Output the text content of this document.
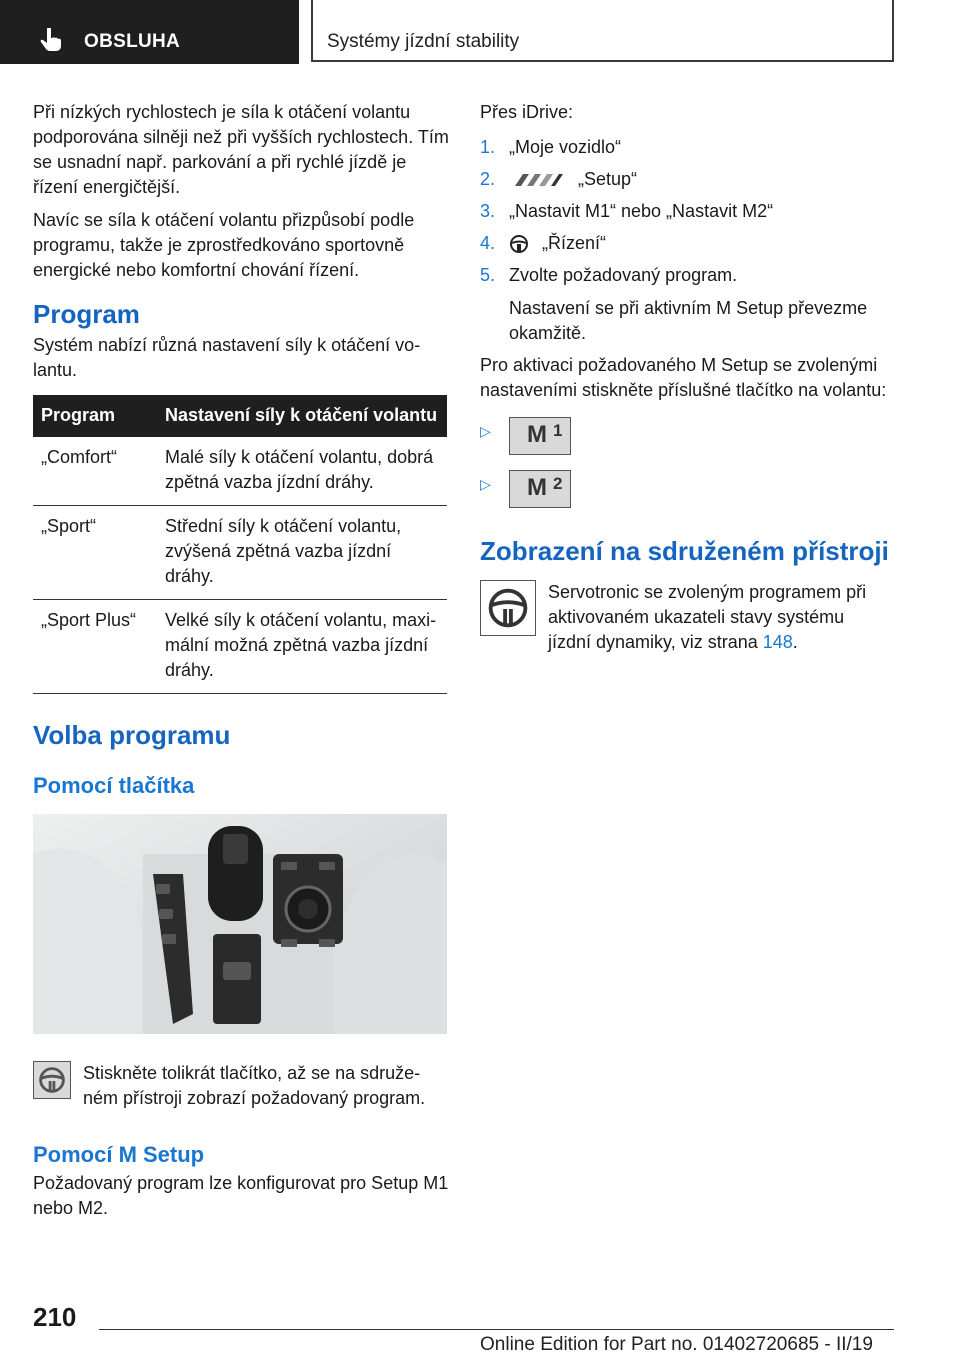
OBSLUHA	Systémy jízdní stability

Při nízkých rychlostech je síla k otáčení volantu podporována silněji než při vyšších rychlostech. Tím se usnadní např. parkování a při rychlé jízdě je řízení energičtější.

Navíc se síla k otáčení volantu přizpůsobí podle programu, takže je zprostředkováno sportovně energické nebo komfortní chování řízení.

Program

Systém nabízí různá nastavení síly k otáčení volantu.

Program	Nastavení síly k otáčení volantu
„Comfort“	Malé síly k otáčení volantu, dobrá zpětná vazba jízdní dráhy.
„Sport“	Střední síly k otáčení volantu, zvýšená zpětná vazba jízdní dráhy.
„Sport Plus“	Velké síly k otáčení volantu, maximální možná zpětná vazba jízdní dráhy.
Volba programu
Pomocí tlačítka
Stiskněte tolikrát tlačítko, až se na sdruženém přístroji zobrazí požadovaný program.
Pomocí M Setup

Požadovaný program lze konfigurovat pro Setup M1 nebo M2.

Přes iDrive:

1. „Moje vozidlo“
2.	„Setup“
3. „Nastavit M1“ nebo „Nastavit M2“
4.	„Řízení“
5. Zvolte požadovaný program.
Nastavení se při aktivním M Setup převezme okamžitě.

Pro aktivaci požadovaného M Setup se zvolenými nastaveními stiskněte příslušné tlačítko na volantu:

▷	M 1
▷	M 2
Zobrazení na sdruženém přístroji
Servotronic se zvoleným programem při aktivovaném ukazateli stavy systému jízdní dynamiky, viz strana 148.
210
Online Edition for Part no. 01402720685 - II/19
